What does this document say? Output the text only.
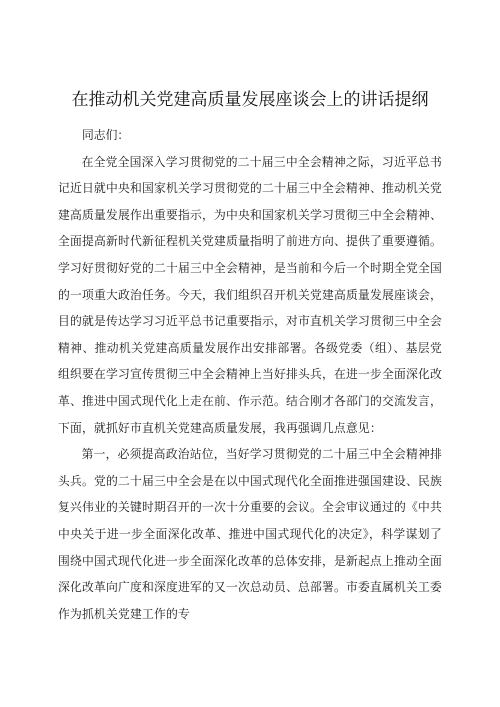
在推动机关党建高质量发展座谈会上的讲话提纲

同志们：

在全党全国深入学习贯彻党的二十届三中全会精神之际，习近平总书记近日就中央和国家机关学习贯彻党的二十届三中全会精神、推动机关党建高质量发展作出重要指示，为中央和国家机关学习贯彻三中全会精神、全面提高新时代新征程机关党建质量指明了前进方向、提供了重要遵循。学习好贯彻好党的二十届三中全会精神，是当前和今后一个时期全党全国的一项重大政治任务。今天，我们组织召开机关党建高质量发展座谈会，目的就是传达学习习近平总书记重要指示，对市直机关学习贯彻三中全会精神、推动机关党建高质量发展作出安排部署。各级党委（组）、基层党组织要在学习宣传贯彻三中全会精神上当好排头兵，在进一步全面深化改革、推进中国式现代化上走在前、作示范。结合刚才各部门的交流发言，下面，就抓好市直机关党建高质量发展，我再强调几点意见：

第一，必须提高政治站位，当好学习贯彻党的二十届三中全会精神排头兵。党的二十届三中全会是在以中国式现代化全面推进强国建设、民族复兴伟业的关键时期召开的一次十分重要的会议。全会审议通过的《中共中央关于进一步全面深化改革、推进中国式现代化的决定》，科学谋划了围绕中国式现代化进一步全面深化改革的总体安排，是新起点上推动全面深化改革向广度和深度进军的又一次总动员、总部署。市委直属机关工委作为抓机关党建工作的专
